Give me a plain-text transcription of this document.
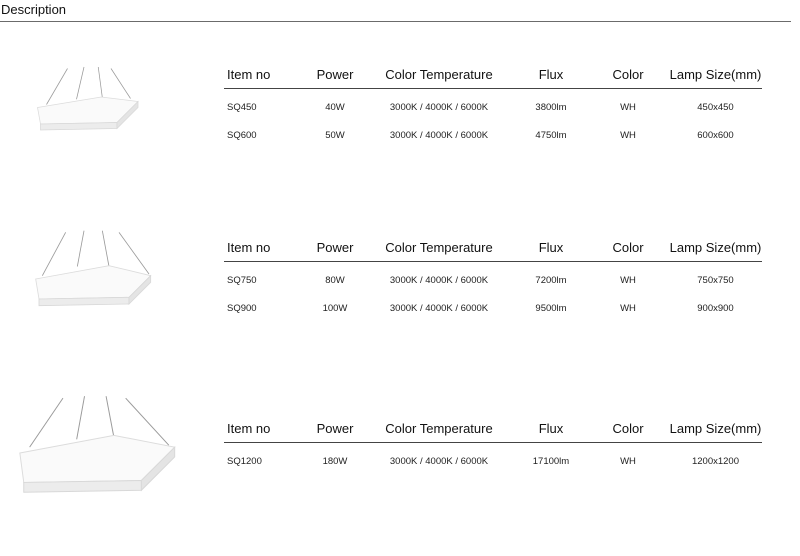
Description
Item no	Power	Color Temperature	Flux	Color	Lamp Size(mm)
SQ450	40W	3000K / 4000K / 6000K	3800lm	WH	450x450
SQ600	50W	3000K / 4000K / 6000K	4750lm	WH	600x600
Item no	Power	Color Temperature	Flux	Color	Lamp Size(mm)
SQ750	80W	3000K / 4000K / 6000K	7200lm	WH	750x750
SQ900	100W	3000K / 4000K / 6000K	9500lm	WH	900x900
Item no	Power	Color Temperature	Flux	Color	Lamp Size(mm)
SQ1200	180W	3000K / 4000K / 6000K	17100lm	WH	1200x1200
